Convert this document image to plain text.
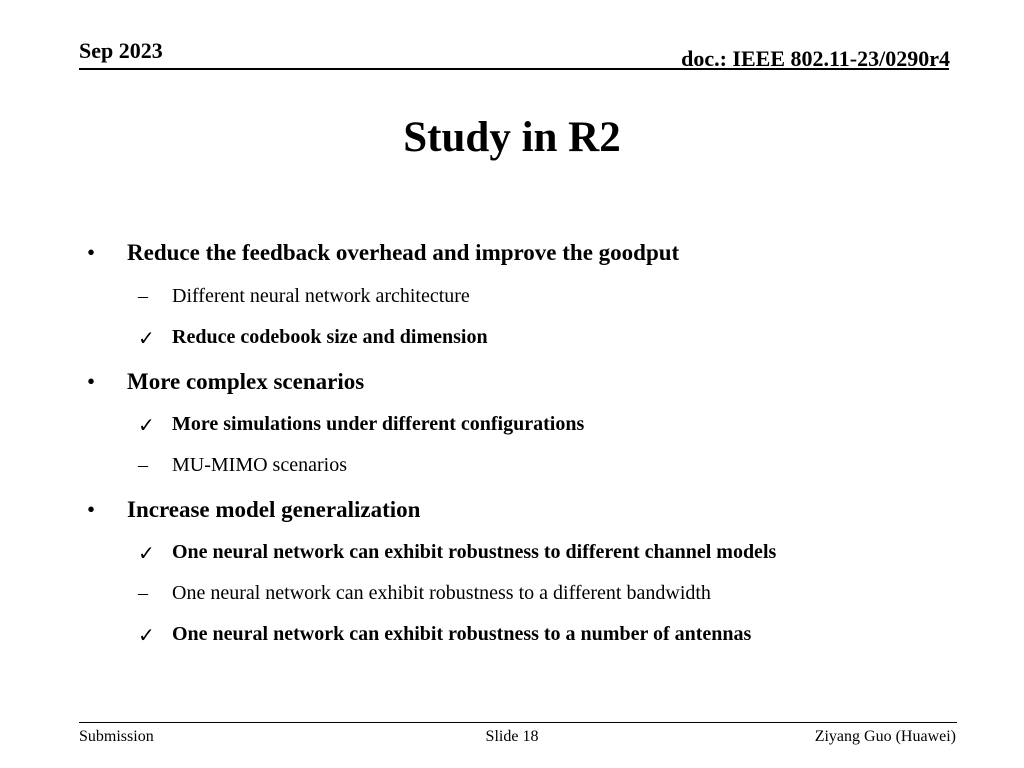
Sep 2023	doc.: IEEE 802.11-23/0290r4
Study in R2
• Reduce the feedback overhead and improve the goodput
– Different neural network architecture
✓ Reduce codebook size and dimension
• More complex scenarios
✓ More simulations under different configurations
– MU-MIMO scenarios
• Increase model generalization
✓ One neural network can exhibit robustness to different channel models
– One neural network can exhibit robustness to a different bandwidth
✓ One neural network can exhibit robustness to a number of antennas
Submission	Slide 18	Ziyang Guo (Huawei)
